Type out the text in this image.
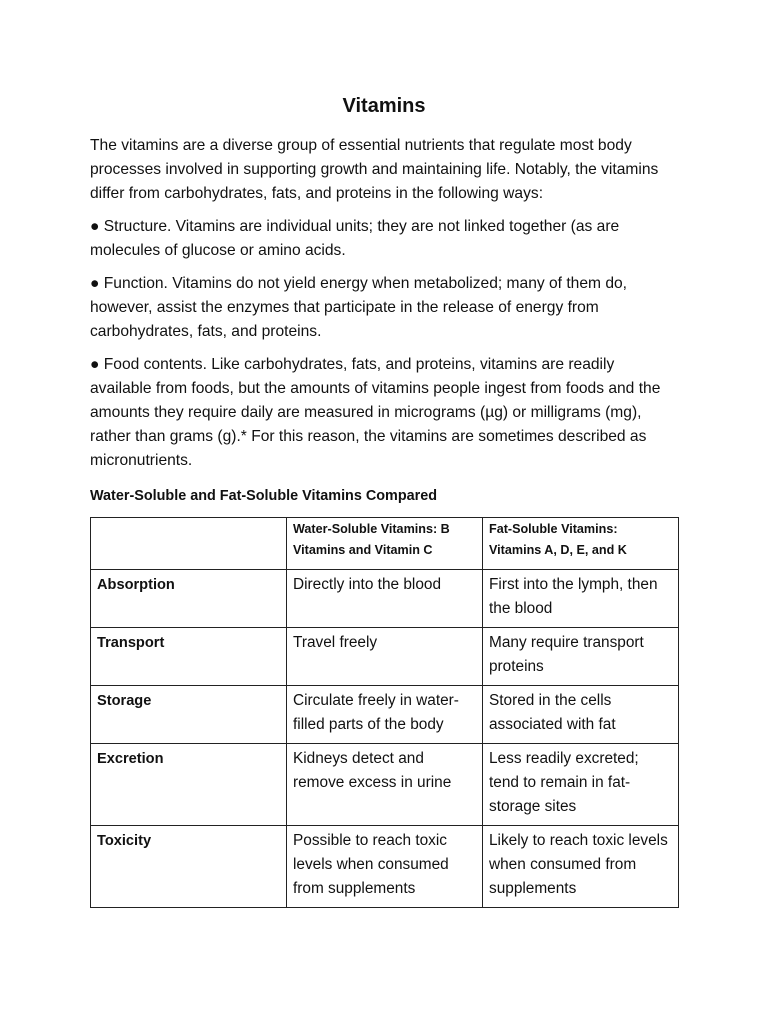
Vitamins

The vitamins are a diverse group of essential nutrients that regulate most body processes involved in supporting growth and maintaining life. Notably, the vitamins differ from carbohydrates, fats, and proteins in the following ways:

● Structure. Vitamins are individual units; they are not linked together (as are molecules of glucose or amino acids.

● Function. Vitamins do not yield energy when metabolized; many of them do, however, assist the enzymes that participate in the release of energy from carbohydrates, fats, and proteins.

● Food contents. Like carbohydrates, fats, and proteins, vitamins are readily available from foods, but the amounts of vitamins people ingest from foods and the amounts they require daily are measured in micrograms (µg) or milligrams (mg), rather than grams (g).* For this reason, the vitamins are sometimes described as micronutrients.

Water-Soluble and Fat-Soluble Vitamins Compared
	Water-Soluble Vitamins: B Vitamins and Vitamin C	Fat-Soluble Vitamins: Vitamins A, D, E, and K
Absorption	Directly into the blood	First into the lymph, then the blood
Transport	Travel freely	Many require transport proteins
Storage	Circulate freely in water-filled parts of the body	Stored in the cells associated with fat
Excretion	Kidneys detect and remove excess in urine	Less readily excreted; tend to remain in fat-storage sites
Toxicity	Possible to reach toxic levels when consumed from supplements	Likely to reach toxic levels when consumed from supplements
